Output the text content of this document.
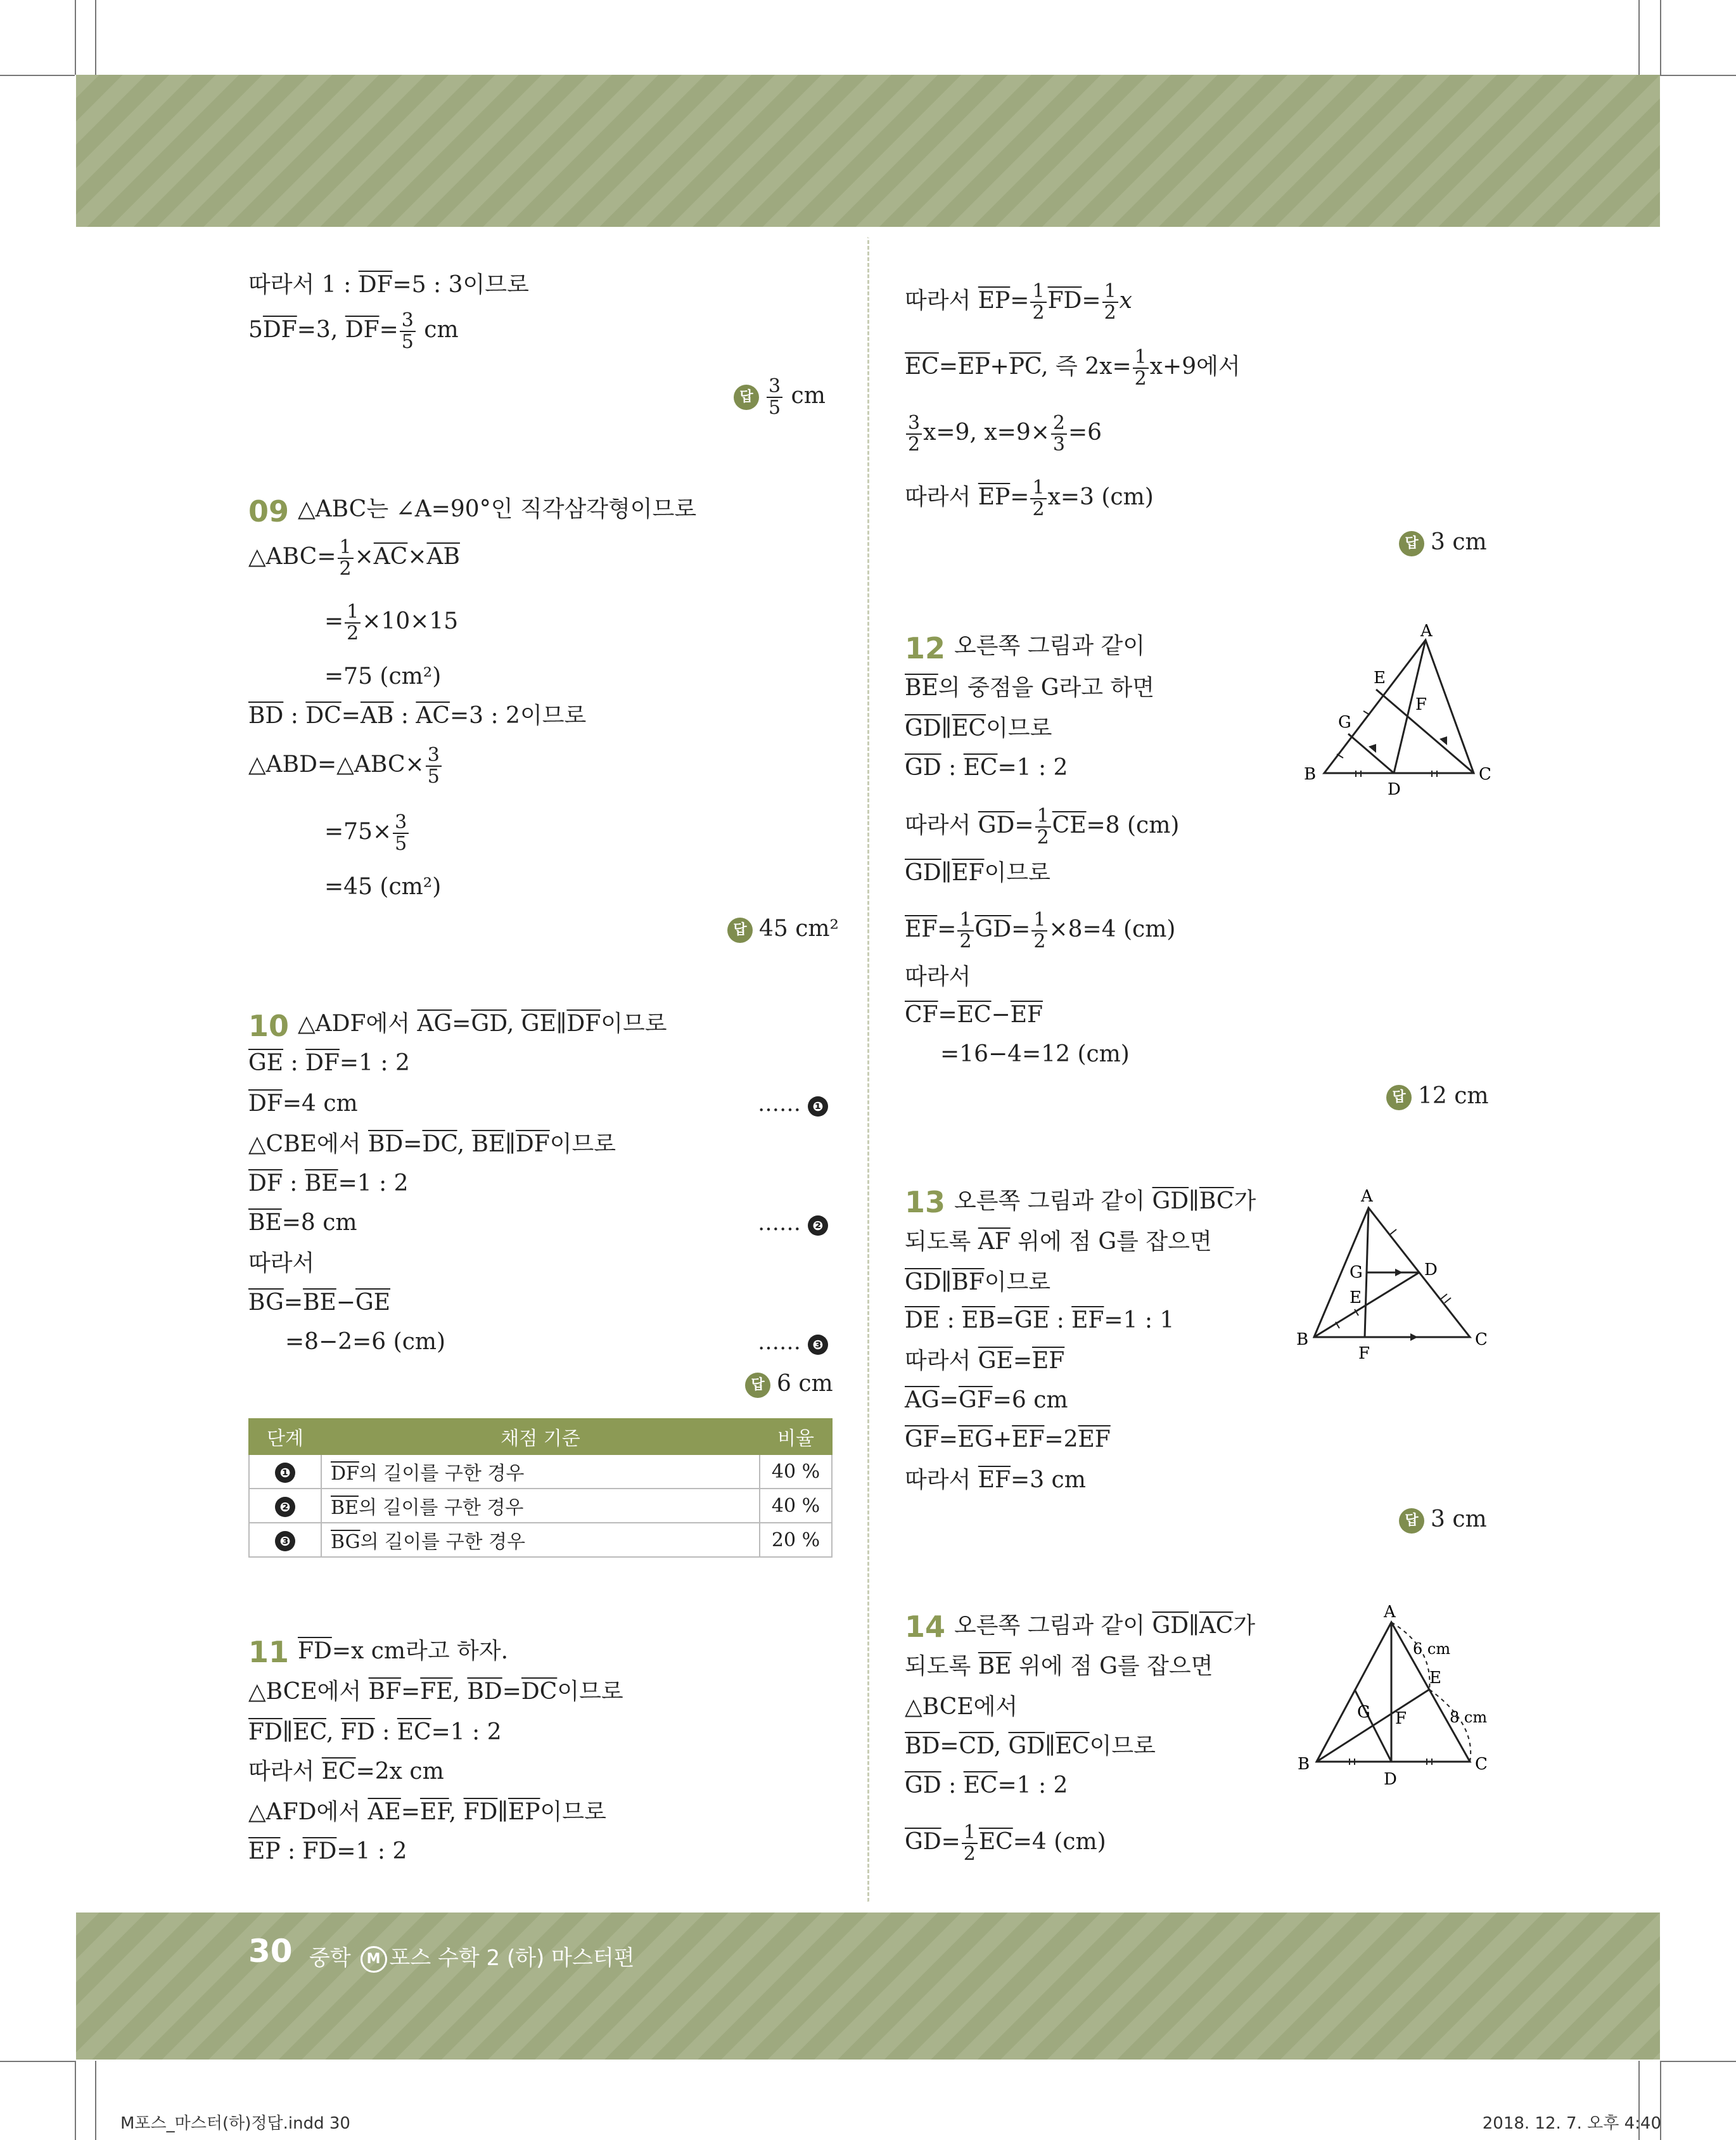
따라서 1 : $\overline{DF}=5$ : 3이므로
$5\overline{DF}=3$, $\overline{DF}= \frac{3}{5}$ cm
답 $\frac{3}{5}$ cm
09 △ABC는 ∠A=90°인 직각삼각형이므로
△ABC= $\frac{1}{2} \times\overline{AC}\times\overline{AB}$
= $\frac{1}{2} \times 10\times 15$
=75 (cm²)
$\overline{BD}$ : $\overline{DC}=\overline{AB}$ : $\overline{AC}=3$ : 2이므로
△ABD=△ABC× $\frac{3}{5}$
$=75\times \frac{3}{5}$
=45 (cm²)
답 45 cm²
10 △ADF에서 $\overline{AG}=\overline{GD}$, $\overline{GE}\parallel\overline{DF}$이므로
$\overline{GE}$ : $\overline{DF}=1$ : 2
$\overline{DF}=4$ cm	…… ❶
△CBE에서 $\overline{BD}=\overline{DC}$, $\overline{BE}\parallel\overline{DF}$이므로
$\overline{DF}$ : $\overline{BE}=1$ : 2
$\overline{BE}=8$ cm	…… ❷
따라서
$\overline{BG}=\overline{BE}-\overline{GE}$
=8−2=6 (cm)	…… ❸
답 6 cm
단계	채점 기준	비율
❶	$\overline{DF}$의 길이를 구한 경우	40 %
❷	$\overline{BE}$의 길이를 구한 경우	40 %
❸	$\overline{BG}$의 길이를 구한 경우	20 %
11 $\overline{FD}=x$ cm라고 하자.
△BCE에서 $\overline{BF}=\overline{FE}$, $\overline{BD}=\overline{DC}$이므로
$\overline{FD}\parallel\overline{EC}$, $\overline{FD}$ : $\overline{EC}=1$ : 2
따라서 $\overline{EC}=2x$ cm
△AFD에서 $\overline{AE}=\overline{EF}$, $\overline{FD}\parallel\overline{EP}$이므로
$\overline{EP}$ : $\overline{FD}=1$ : 2
따라서 $\overline{EP}= \frac{1}{2} \overline{FD}= \frac{1}{2}$ x
$\overline{EC}=\overline{EP}+\overline{PC}$, 즉 $2x= \frac{1}{2} x+9$에서
$\frac{3}{2} x=9$, $x=9\times \frac{2}{3} =6$
따라서 $\overline{EP}= \frac{1}{2} x=3$ (cm)
답 3 cm
12 오른쪽 그림과 같이
$\overline{BE}$의 중점을 G라고 하면
$\overline{GD}\parallel\overline{EC}$이므로
$\overline{GD}$ : $\overline{EC}=1$ : 2
따라서 $\overline{GD}= \frac{1}{2} \overline{CE}=8$ (cm)
$\overline{GD}\parallel\overline{EF}$이므로
$\overline{EF}= \frac{1}{2} \overline{GD}= \frac{1}{2} \times 8=4$ (cm)
따라서
$\overline{CF}=\overline{EC}-\overline{EF}$
=16−4=12 (cm)
답 12 cm
A
B	C
D
E
F
G
13 오른쪽 그림과 같이 $\overline{GD}\parallel\overline{BC}$가
되도록 $\overline{AF}$ 위에 점 G를 잡으면
$\overline{GD}\parallel\overline{BF}$이므로
$\overline{DE}$ : $\overline{EB}=\overline{GE}$ : $\overline{EF}=1$ : 1
따라서 $\overline{GE}=\overline{EF}$
$\overline{AG}=\overline{GF}=6$ cm
$\overline{GF}=\overline{EG}+\overline{EF}=2\overline{EF}$
따라서 $\overline{EF}=3$ cm
답 3 cm
A
B	C
D
E
F
G
14 오른쪽 그림과 같이 $\overline{GD}\parallel\overline{AC}$가
되도록 $\overline{BE}$ 위에 점 G를 잡으면
△BCE에서
$\overline{BD}=\overline{CD}$, $\overline{GD}\parallel\overline{EC}$이므로
$\overline{GD}$ : $\overline{EC}=1$ : 2
$\overline{GD}= \frac{1}{2} \overline{EC}=4$ (cm)
A
B	C
D
E
F
G
6 cm
8 cm
30 중학 M 포스 수학 2 (하) 마스터편
M포스_마스터(하)정답.indd 30	2018. 12. 7. 오후 4:40
